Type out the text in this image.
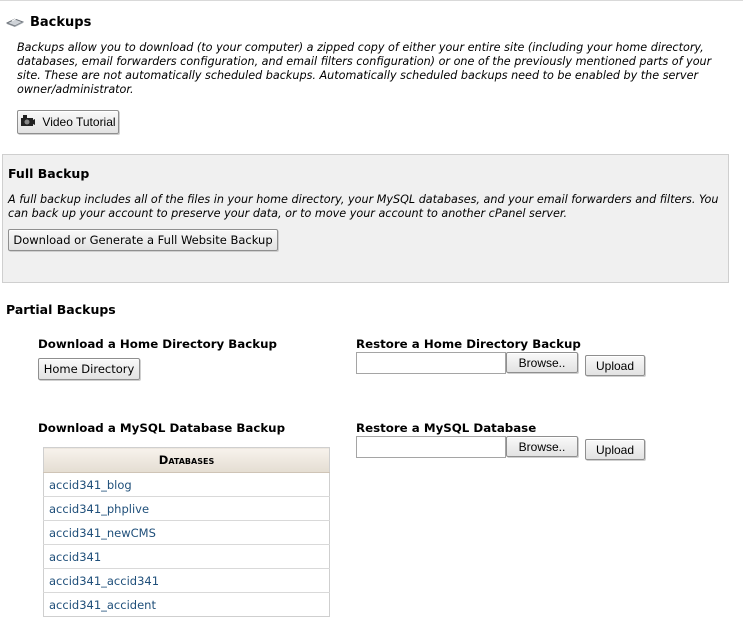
Backups
Backups allow you to download (to your computer) a zipped copy of either your entire site (including your home directory, databases, email forwarders configuration, and email filters configuration) or one of the previously mentioned parts of your site. These are not automatically scheduled backups. Automatically scheduled backups need to be enabled by the server owner/administrator.
Video Tutorial
Full Backup
A full backup includes all of the files in your home directory, your MySQL databases, and your email forwarders and filters. You can back up your account to preserve your data, or to move your account to another cPanel server.
Download or Generate a Full Website Backup
Partial Backups
Download a Home Directory Backup
Home Directory
Restore a Home Directory Backup
Browse..	Upload
Download a MySQL Database Backup	Restore a MySQL Database
Browse..	Upload
Databases
accid341_blog
accid341_phplive
accid341_newCMS
accid341
accid341_accid341
accid341_accident
